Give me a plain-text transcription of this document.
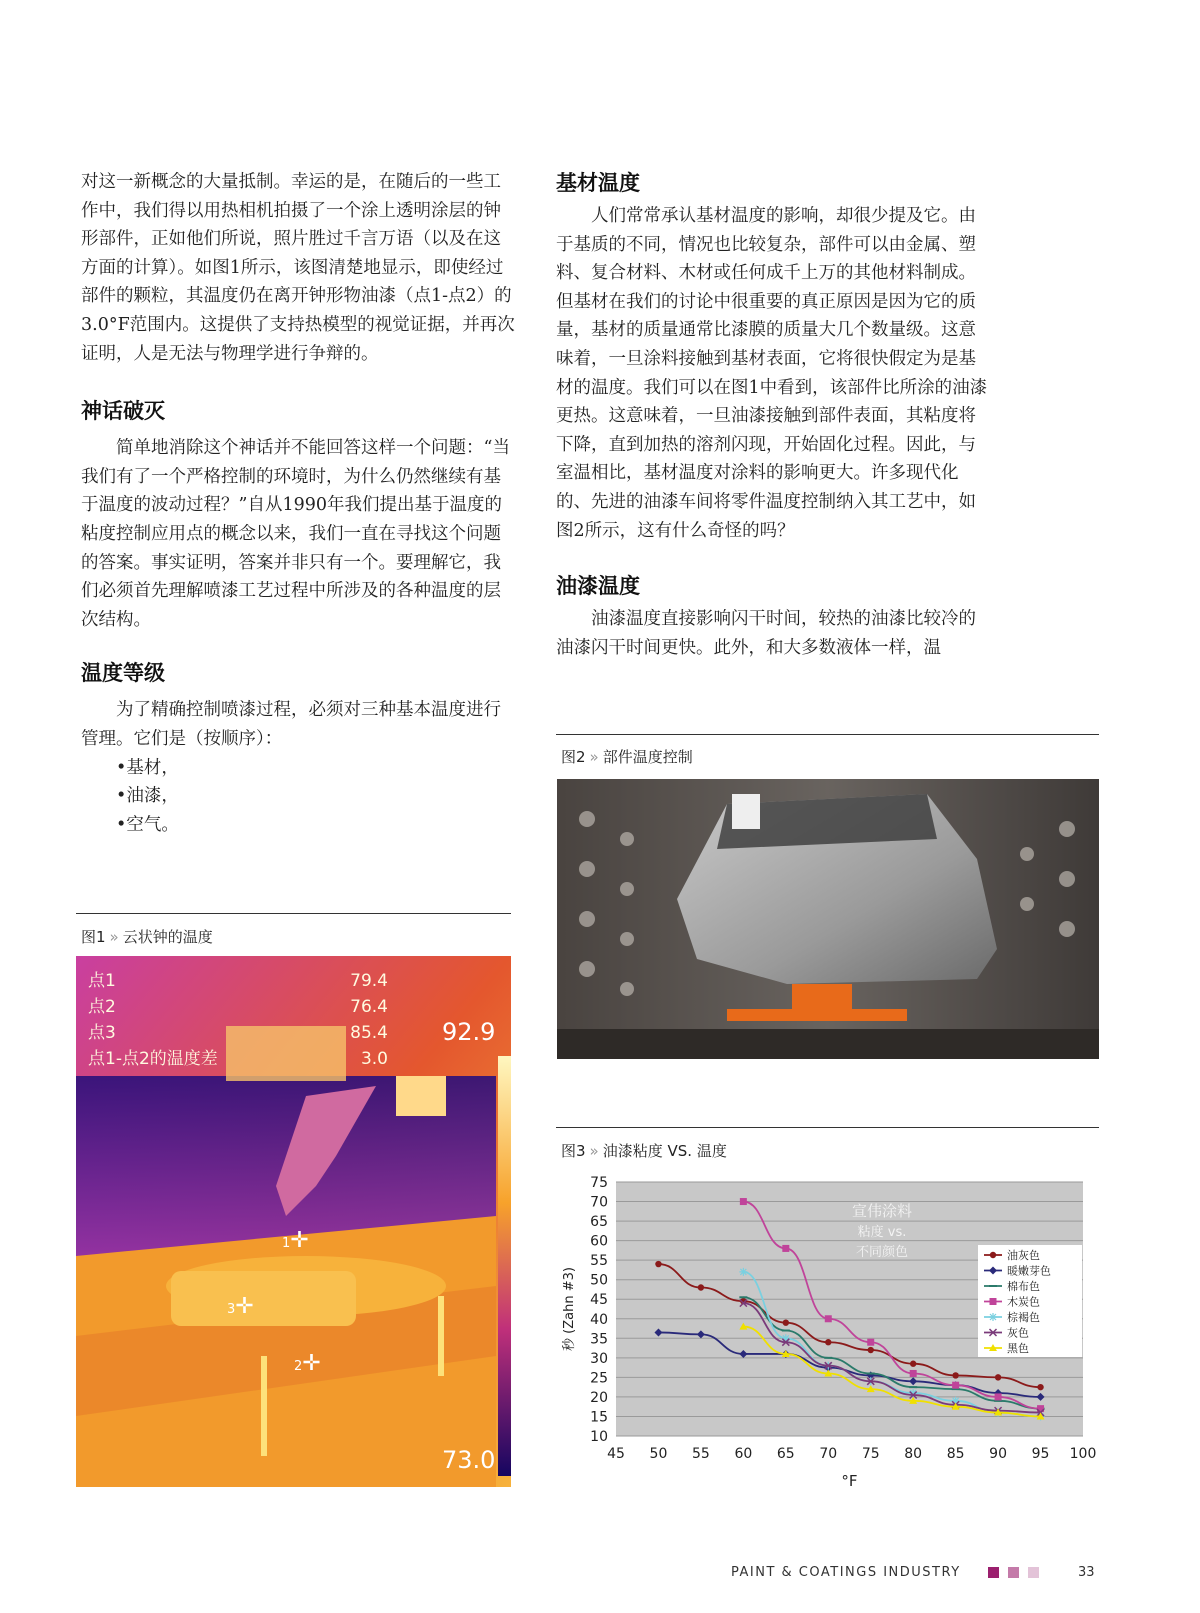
对这一新概念的大量抵制。幸运的是，在随后的一些工作中，我们得以用热相机拍摄了一个涂上透明涂层的钟形部件，正如他们所说，照片胜过千言万语（以及在这方面的计算）。如图1所示，该图清楚地显示，即使经过部件的颗粒，其温度仍在离开钟形物油漆（点1-点2）的3.0°F范围内。这提供了支持热模型的视觉证据，并再次证明，人是无法与物理学进行争辩的。

神话破灭

简单地消除这个神话并不能回答这样一个问题：“当我们有了一个严格控制的环境时，为什么仍然继续有基于温度的波动过程？”自从1990年我们提出基于温度的粘度控制应用点的概念以来，我们一直在寻找这个问题的答案。事实证明，答案并非只有一个。要理解它，我们必须首先理解喷漆工艺过程中所涉及的各种温度的层次结构。

温度等级

为了精确控制喷漆过程，必须对三种基本温度进行管理。它们是（按顺序）：

•基材，
•油漆，
•空气。
基材温度

人们常常承认基材温度的影响，却很少提及它。由于基质的不同，情况也比较复杂，部件可以由金属、塑料、复合材料、木材或任何成千上万的其他材料制成。但基材在我们的讨论中很重要的真正原因是因为它的质量，基材的质量通常比漆膜的质量大几个数量级。这意味着，一旦涂料接触到基材表面，它将很快假定为是基材的温度。我们可以在图1中看到，该部件比所涂的油漆更热。这意味着，一旦油漆接触到部件表面，其粘度将下降，直到加热的溶剂闪现，开始固化过程。因此，与室温相比，基材温度对涂料的影响更大。许多现代化的、先进的油漆车间将零件温度控制纳入其工艺中，如图2所示，这有什么奇怪的吗？

油漆温度

油漆温度直接影响闪干时间，较热的油漆比较冷的油漆闪干时间更快。此外，和大多数液体一样，温

图1 » 云状钟的温度
点1	79.4
点2	76.4
点3	85.4
点1-点2的温度差	3.0
92.9
73.0
1✛
2✛
3✛
图2 » 部件温度控制
图3 » 油漆粘度 VS. 温度
10
15
20
25
30
35
40
45
50
55
60
65
70
75
45 50 55 60 65 70 75 80 85 90 95 100
°F
秒 (Zahn #3)
宣伟涂料
粘度 vs.
不同颜色	油灰色
暖嫩芽色
棉布色
木炭色
棕褐色
灰色
黑色
PAINT & COATINGS INDUSTRY	33
